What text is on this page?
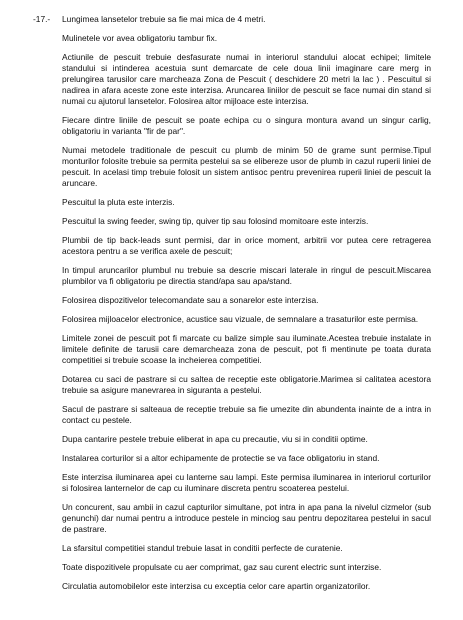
-17.- Lungimea lansetelor trebuie sa fie mai mica de 4 metri.

Mulinetele vor avea obligatoriu tambur fix.

Actiunile de pescuit trebuie desfasurate numai in interiorul standului alocat echipei; limitele standului si intinderea acestuia sunt demarcate de cele doua linii imaginare care merg in prelungirea tarusilor care marcheaza Zona de Pescuit ( deschidere 20 metri la lac ) . Pescuitul si nadirea in afara aceste zone este interzisa. Aruncarea liniilor de pescuit se face numai din stand si numai cu ajutorul lansetelor. Folosirea altor mijloace este interzisa.

Fiecare dintre liniile de pescuit se poate echipa cu o singura montura avand un singur carlig, obligatoriu in varianta "fir de par".

Numai metodele traditionale de pescuit cu plumb de minim 50 de grame sunt permise.Tipul monturilor folosite trebuie sa permita pestelui sa se elibereze usor de plumb in cazul ruperii liniei de pescuit. In acelasi timp trebuie folosit un sistem antisoc pentru prevenirea ruperii liniei de pescuit la aruncare.

Pescuitul la pluta este interzis.

Pescuitul la swing feeder, swing tip, quiver tip sau folosind momitoare este interzis.

Plumbii de tip back-leads sunt permisi, dar in orice moment, arbitrii vor putea cere retragerea acestora pentru a se verifica axele de pescuit;

In timpul aruncarilor plumbul nu trebuie sa descrie miscari laterale in ringul de pescuit.Miscarea plumbilor va fi obligatoriu pe directia stand/apa sau apa/stand.

Folosirea dispozitivelor telecomandate sau a sonarelor este interzisa.

Folosirea mijloacelor electronice, acustice sau vizuale, de semnalare a trasaturilor este permisa.

Limitele zonei de pescuit pot fi marcate cu balize simple sau iluminate.Acestea trebuie instalate in limitele definite de tarusii care demarcheaza zona de pescuit, pot fi mentinute pe toata durata competitiei si trebuie scoase la incheierea competitiei.

Dotarea cu saci de pastrare si cu saltea de receptie este obligatorie.Marimea si calitatea acestora trebuie sa asigure manevrarea in siguranta a pestelui.

Sacul de pastrare si salteaua de receptie trebuie sa fie umezite din abundenta inainte de a intra in contact cu pestele.

Dupa cantarire pestele trebuie eliberat in apa cu precautie, viu si in conditii optime.

Instalarea corturilor si a altor echipamente de protectie se va face obligatoriu in stand.

Este interzisa iluminarea apei cu lanterne sau lampi. Este permisa iluminarea in interiorul corturilor si folosirea lanternelor de cap cu iluminare discreta pentru scoaterea pestelui.

Un concurent, sau ambii in cazul capturilor simultane, pot intra in apa pana la nivelul cizmelor (sub genunchi) dar numai pentru a introduce pestele in minciog sau pentru depozitarea pestelui in sacul de pastrare.

La sfarsitul competitiei standul trebuie lasat in conditii perfecte de curatenie.

Toate dispozitivele propulsate cu aer comprimat, gaz sau curent electric sunt interzise.

Circulatia automobilelor este interzisa cu exceptia celor care apartin organizatorilor.
